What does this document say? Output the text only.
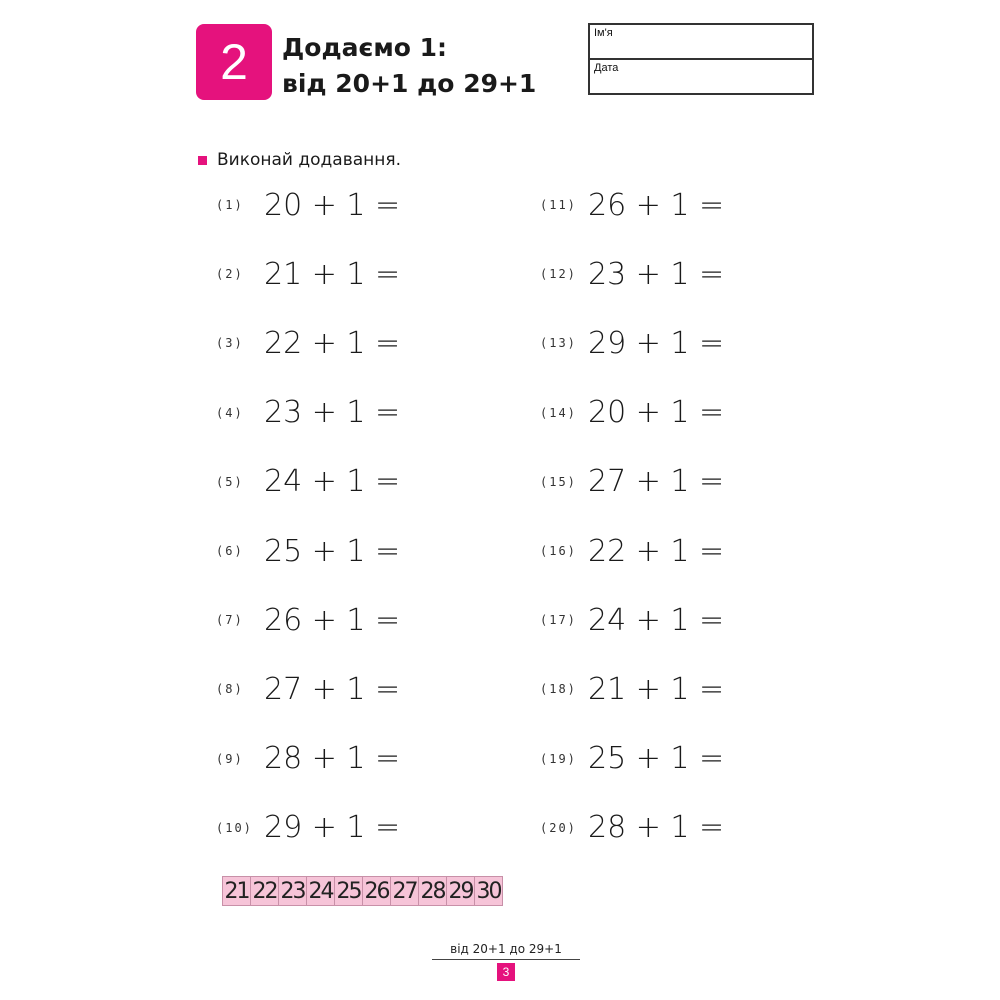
2 Додаємо 1:
від 20+1 до 29+1
Ім'я
Дата
Виконай додавання.
(1) 20 + 1 =
(2) 21 + 1 =
(3) 22 + 1 =
(4) 23 + 1 =
(5) 24 + 1 =
(6) 25 + 1 =
(7) 26 + 1 =
(8) 27 + 1 =
(9) 28 + 1 =
(10) 29 + 1 =
(11) 26 + 1 =
(12) 23 + 1 =
(13) 29 + 1 =
(14) 20 + 1 =
(15) 27 + 1 =
(16) 22 + 1 =
(17) 24 + 1 =
(18) 21 + 1 =
(19) 25 + 1 =
(20) 28 + 1 =
21 22 23 24 25 26 27 28 29 30
від 20+1 до 29+1
3
